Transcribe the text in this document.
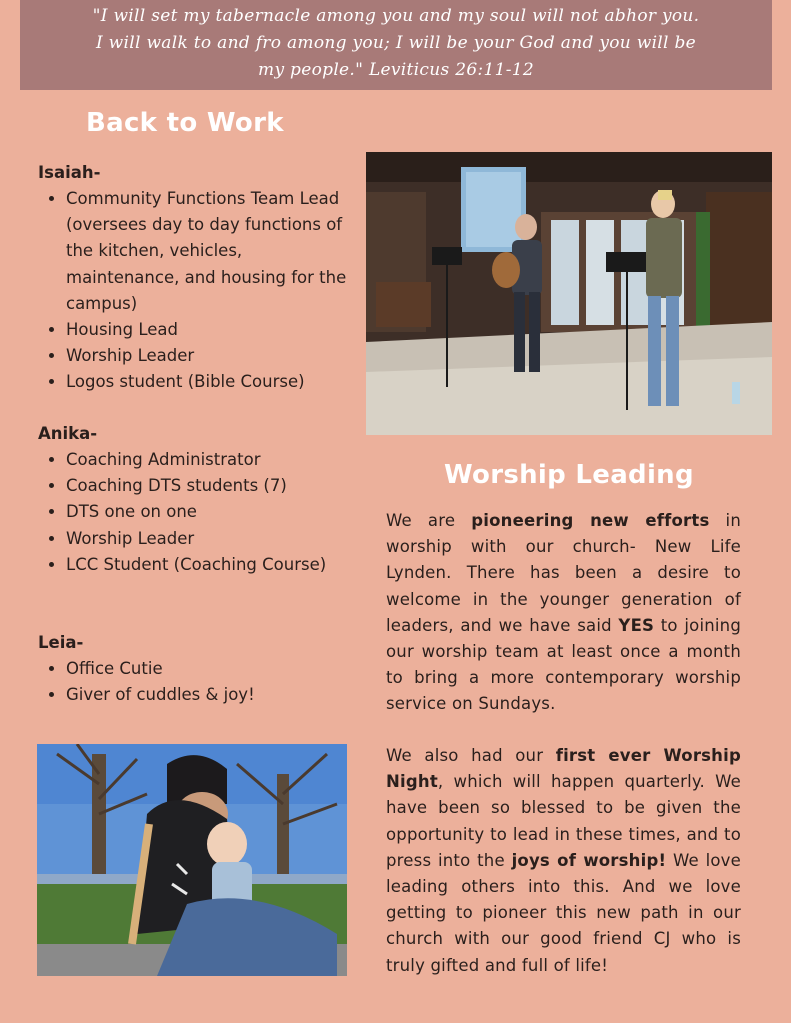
"I will set my tabernacle among you and my soul will not abhor you. I will walk to and fro among you; I will be your God and you will be my people." Leviticus 26:11-12
Back to Work
Isaiah-
• Community Functions Team Lead (oversees day to day functions of the kitchen, vehicles, maintenance, and housing for the campus)
• Housing Lead
• Worship Leader
• Logos student (Bible Course)
Anika-
• Coaching Administrator
• Coaching DTS students (7)
• DTS one on one
• Worship Leader
• LCC Student (Coaching Course)
Leia-
• Office Cutie
• Giver of cuddles & joy!
Worship Leading
We are pioneering new efforts in worship with our church- New Life Lynden. There has been a desire to welcome in the younger generation of leaders, and we have said YES to joining our worship team at least once a month to bring a more contemporary worship service on Sundays.
We also had our first ever Worship Night, which will happen quarterly. We have been so blessed to be given the opportunity to lead in these times, and to press into the joys of worship! We love leading others into this. And we love getting to pioneer this new path in our church with our good friend CJ who is truly gifted and full of life!
